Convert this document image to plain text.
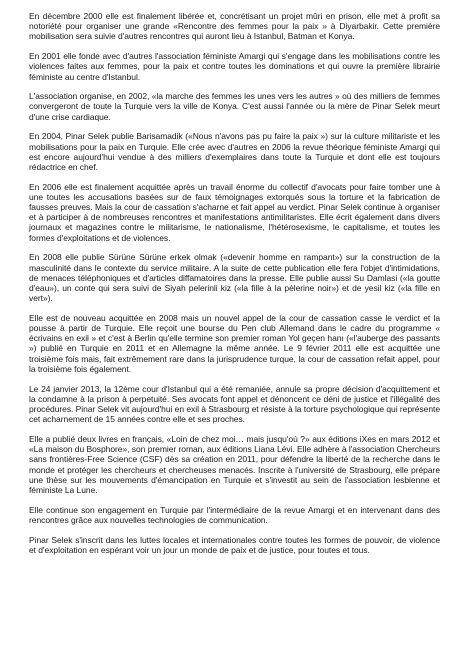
En décembre 2000 elle est finalement libérée et, concrétisant un projet mûri en prison, elle met à profit sa notoriété pour organiser une grande «Rencontre des femmes pour la paix » à Diyarbakir. Cette première mobilisation sera suivie d'autres rencontres qui auront lieu à Istanbul, Batman et Konya.

En 2001 elle fonde avec d'autres l'association féministe Amargi qui s'engage dans les mobilisations contre les violences faites aux femmes, pour la paix et contre toutes les dominations et qui ouvre la première librairie féministe au centre d'Istanbul.

L'association organise, en 2002, «la marche des femmes les unes vers les autres » où des milliers de femmes convergeront de toute la Turquie vers la ville de Konya. C'est aussi l'année ou la mère de Pinar Selek meurt d'une crise cardiaque.

En 2004, Pinar Selek publie Barisamadik («Nous n'avons pas pu faire la paix ») sur la culture militariste et les mobilisations pour la paix en Turquie. Elle crée avec d'autres en 2006 la revue théorique féministe Amargi qui est encore aujourd'hui vendue à des milliers d'exemplaires dans toute la Turquie et dont elle est toujours rédactrice en chef.

En 2006 elle est finalement acquittée après un travail énorme du collectif d'avocats pour faire tomber une à une toutes les accusations basées sur de faux témoignages extorqués sous la torture et la fabrication de fausses preuves. Mais la cour de cassation s'acharne et fait appel au verdict. Pinar Selek continue à organiser et à participer à de nombreuses rencontres et manifestations antimilitaristes. Elle écrit également dans divers journaux et magazines contre le militarisme, le nationalisme, l'hétérosexisme, le capitalisme, et toutes les formes d'exploitations et de violences.

En 2008 elle publie Sürüne Sürüne erkek olmak («devenir homme en rampant») sur la construction de la masculinité dans le contexte du service militaire. A la suite de cette publication elle fera l'objet d'intimidations, de menaces téléphoniques et d'articles diffamatoires dans la presse. Elle publie aussi Su Damlasi («la goutte d'eau»), un conte qui sera suivi de Siyah pelerinli kiz («la fille à la pèlerine noir») et de yesil kiz («la fille en vert»).

Elle est de nouveau acquittée en 2008 mais un nouvel appel de la cour de cassation casse le verdict et la pousse à partir de Turquie. Elle reçoit une bourse du Pen club Allemand dans le cadre du programme « écrivains en exil » et c'est à Berlin qu'elle termine son premier roman Yol geçen hanı («l'auberge des passants ») publié en Turquie en 2011 et en Allemagne la même année. Le 9 février 2011 elle est acquittée une troisième fois mais, fait extrêmement rare dans la jurisprudence turque, la cour de cassation refait appel, pour la troisième fois également.

Le 24 janvier 2013, la 12ème cour d'Istanbul qui a été remaniée, annule sa propre décision d'acquittement et la condamne à la prison à perpetuité. Ses avocats font appel et dénoncent ce déni de justice et l'illégalité des procédures. Pinar Selek vit aujourd'hui en exil à Strasbourg et résiste à la torture psychologique qui représente cet acharnement de 15 années contre elle et ses proches.

Elle a publié deux livres en français, «Loin de chez moi… mais jusqu'où ?» aux éditions iXes en mars 2012 et «La maison du Bosphore», son premier roman, aux éditions Liana Lévi. Elle adhère à l'association Chercheurs sans frontières-Free Science (CSF) dès sa création en 2011, pour défendre la liberté de la recherche dans le monde et protéger les chercheurs et chercheuses menacés. Inscrite à l'université de Strasbourg, elle prépare une thèse sur les mouvements d'émancipation en Turquie et s'investit au sein de l'association lesbienne et féministe La Lune.

Elle continue son engagement en Turquie par l'intermédiaire de la revue Amargi et en intervenant dans des rencontres grâce aux nouvelles technologies de communication.

Pinar Selek s'inscrit dans les luttes locales et internationales contre toutes les formes de pouvoir, de violence et d'exploitation en espérant voir un jour un monde de paix et de justice, pour toutes et tous.
